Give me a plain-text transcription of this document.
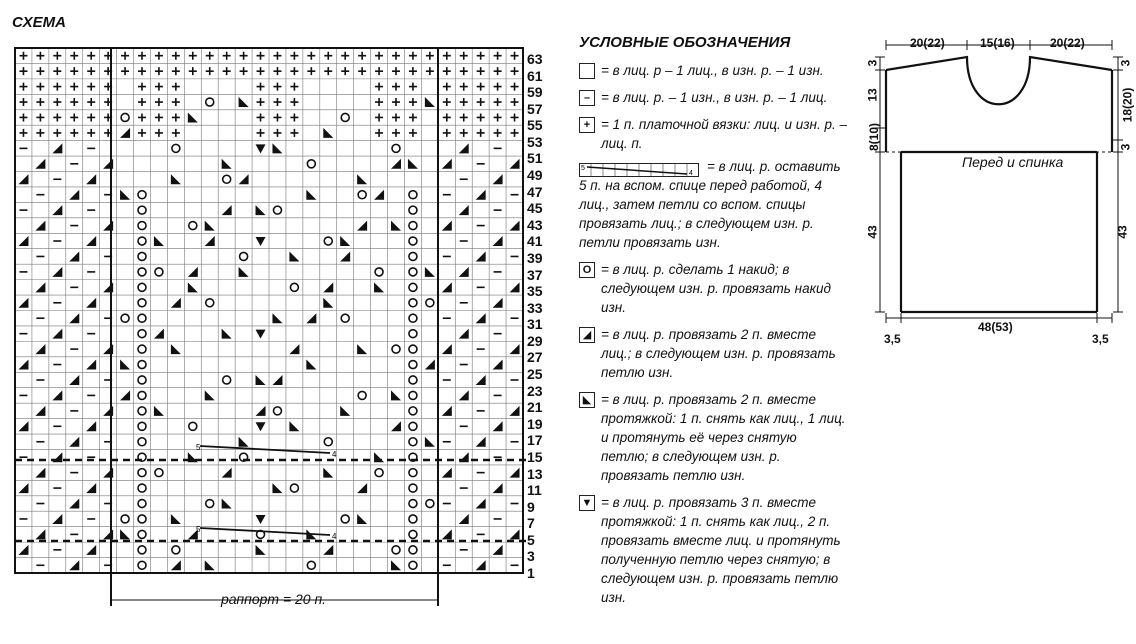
СХЕМА
5
4
5
4
63
61
59
57
55
53
51
49
47
45
43
41
39
37
35
33
31
29
27
25
23
21
19
17
15
13
11
9
7
5
3
1
раппорт = 20 п.
УСЛОВНЫЕ ОБОЗНАЧЕНИЯ
= в лиц. р – 1 лиц., в изн. р. – 1 изн.
– = в лиц. р. – 1 изн., в изн. р. – 1 лиц.
+ = 1 п. платочной вязки: лиц. и изн. р. – лиц. п.
5
4	= в лиц. р. оставить 5 п. на вспом. спице перед работой, 4 лиц., затем петли со вспом. спицы провязать лиц.; в следующем изн. р. петли провязать изн.
O = в лиц. р. сделать 1 накид; в следующем изн. р. провязать накид изн.
◢ = в лиц. р. провязать 2 п. вместе лиц.; в следующем изн. р. провязать петлю изн.
◣ = в лиц. р. провязать 2 п. вместе протяжкой: 1 п. снять как лиц., 1 лиц. и протянуть её через снятую петлю; в следующем изн. р. провязать петлю изн.
▼ = в лиц. р. провязать 3 п. вместе протяжкой: 1 п. снять как лиц., 2 п. провязать вместе лиц. и протянуть полученную петлю через снятую; в следующем изн. р. провязать петлю изн.
20(22)	15(16)	20(22)
3
13
8(10)
43
3
18(20)
3
43
48(53)
3,5	3,5
Перед и спинка
